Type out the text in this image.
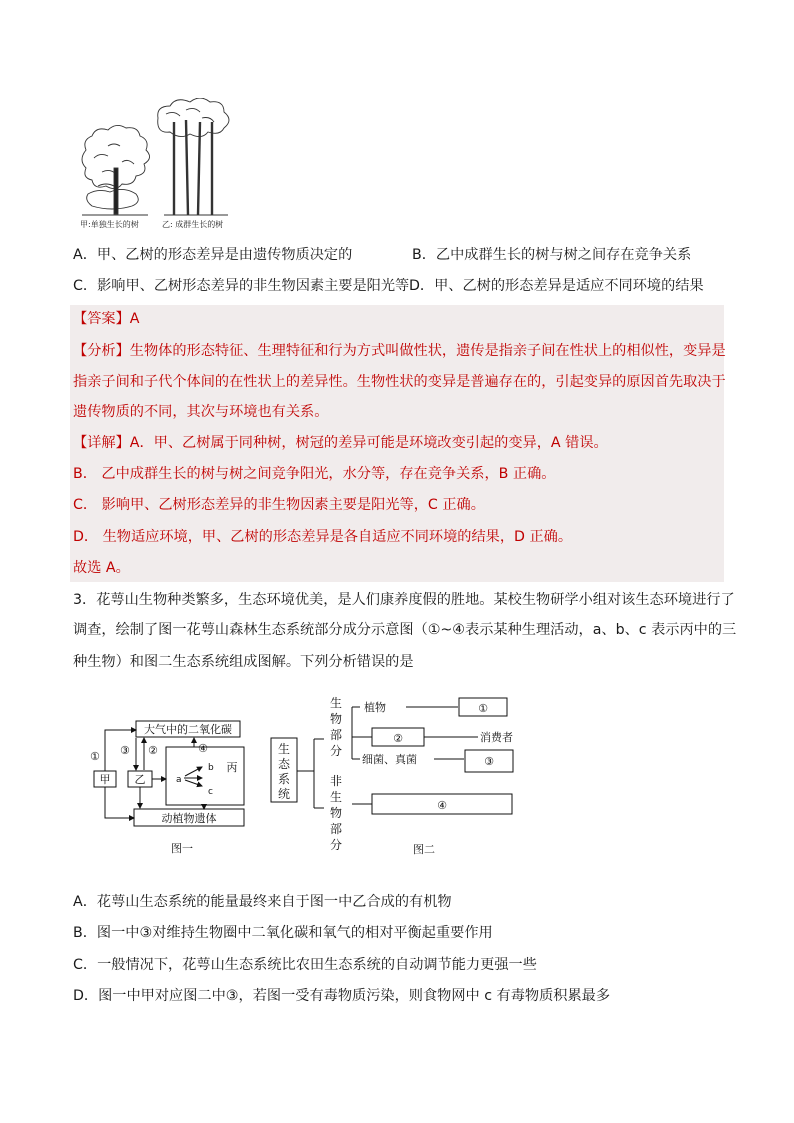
甲:单独生长的树	乙: 成群生长的树
A．甲、乙树的形态差异是由遗传物质决定的	B．乙中成群生长的树与树之间存在竞争关系
C．影响甲、乙树形态差异的非生物因素主要是阳光等 D．甲、乙树的形态差异是适应不同环境的结果
【答案】A
【分析】生物体的形态特征、生理特征和行为方式叫做性状，遗传是指亲子间在性状上的相似性，变异是
指亲子间和子代个体间的在性状上的差异性。生物性状的变异是普遍存在的，引起变异的原因首先取决于
遗传物质的不同，其次与环境也有关系。
【详解】A．甲、乙树属于同种树，树冠的差异可能是环境改变引起的变异，A 错误。
B． 乙中成群生长的树与树之间竞争阳光，水分等，存在竞争关系，B 正确。
C． 影响甲、乙树形态差异的非生物因素主要是阳光等，C 正确。
D． 生物适应环境，甲、乙树的形态差异是各自适应不同环境的结果，D 正确。
故选 A。
3．花萼山生物种类繁多，生态环境优美，是人们康养度假的胜地。某校生物研学小组对该生态环境进行了
调查，绘制了图一花萼山森林生态系统部分成分示意图（①~④表示某种生理活动，a、b、c 表示丙中的三
种生物）和图二生态系统组成图解。下列分析错误的是
大气中的二氧化碳
① ③ ②	④
甲 乙
丙
a
b
c
动植物遗体
图一
生
态
系
统
生
物
部
分
非
生
物
部
分
植物
消费者
细菌、真菌
①
②
③
④
图二
A．花萼山生态系统的能量最终来自于图一中乙合成的有机物
B．图一中③对维持生物圈中二氧化碳和氧气的相对平衡起重要作用
C．一般情况下，花萼山生态系统比农田生态系统的自动调节能力更强一些
D．图一中甲对应图二中③，若图一受有毒物质污染，则食物网中 c 有毒物质积累最多
